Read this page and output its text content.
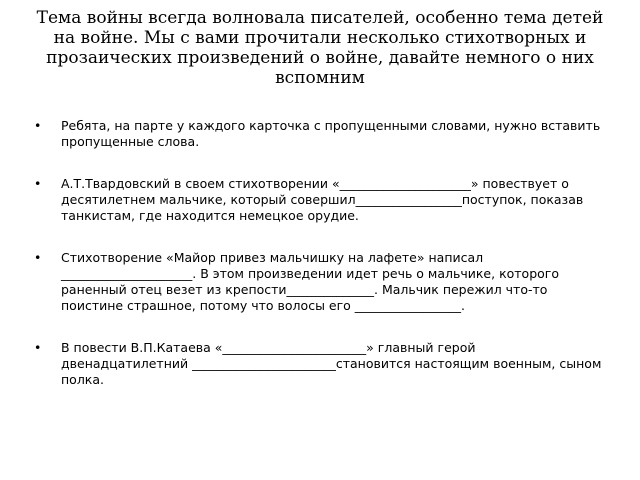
Тема войны всегда волновала писателей, особенно тема детей на войне. Мы с вами прочитали несколько стихотворных и прозаических произведений о войне, давайте немного о них вспомним
• Ребята, на парте у каждого карточка с пропущенными словами, нужно вставить пропущенные слова.
• А.Т.Твардовский в своем стихотворении «_____________________» повествует о десятилетнем мальчике, который совершил_________________поступок, показав танкистам, где находится немецкое орудие.
• Стихотворение «Майор привез мальчишку на лафете» написал _____________________. В этом произведении идет речь о мальчике, которого раненный отец везет из крепости______________. Мальчик пережил что-то поистине страшное, потому что волосы его _________________.
• В повести В.П.Катаева «_______________________» главный герой двенадцатилетний _______________________становится настоящим военным, сыном полка.
